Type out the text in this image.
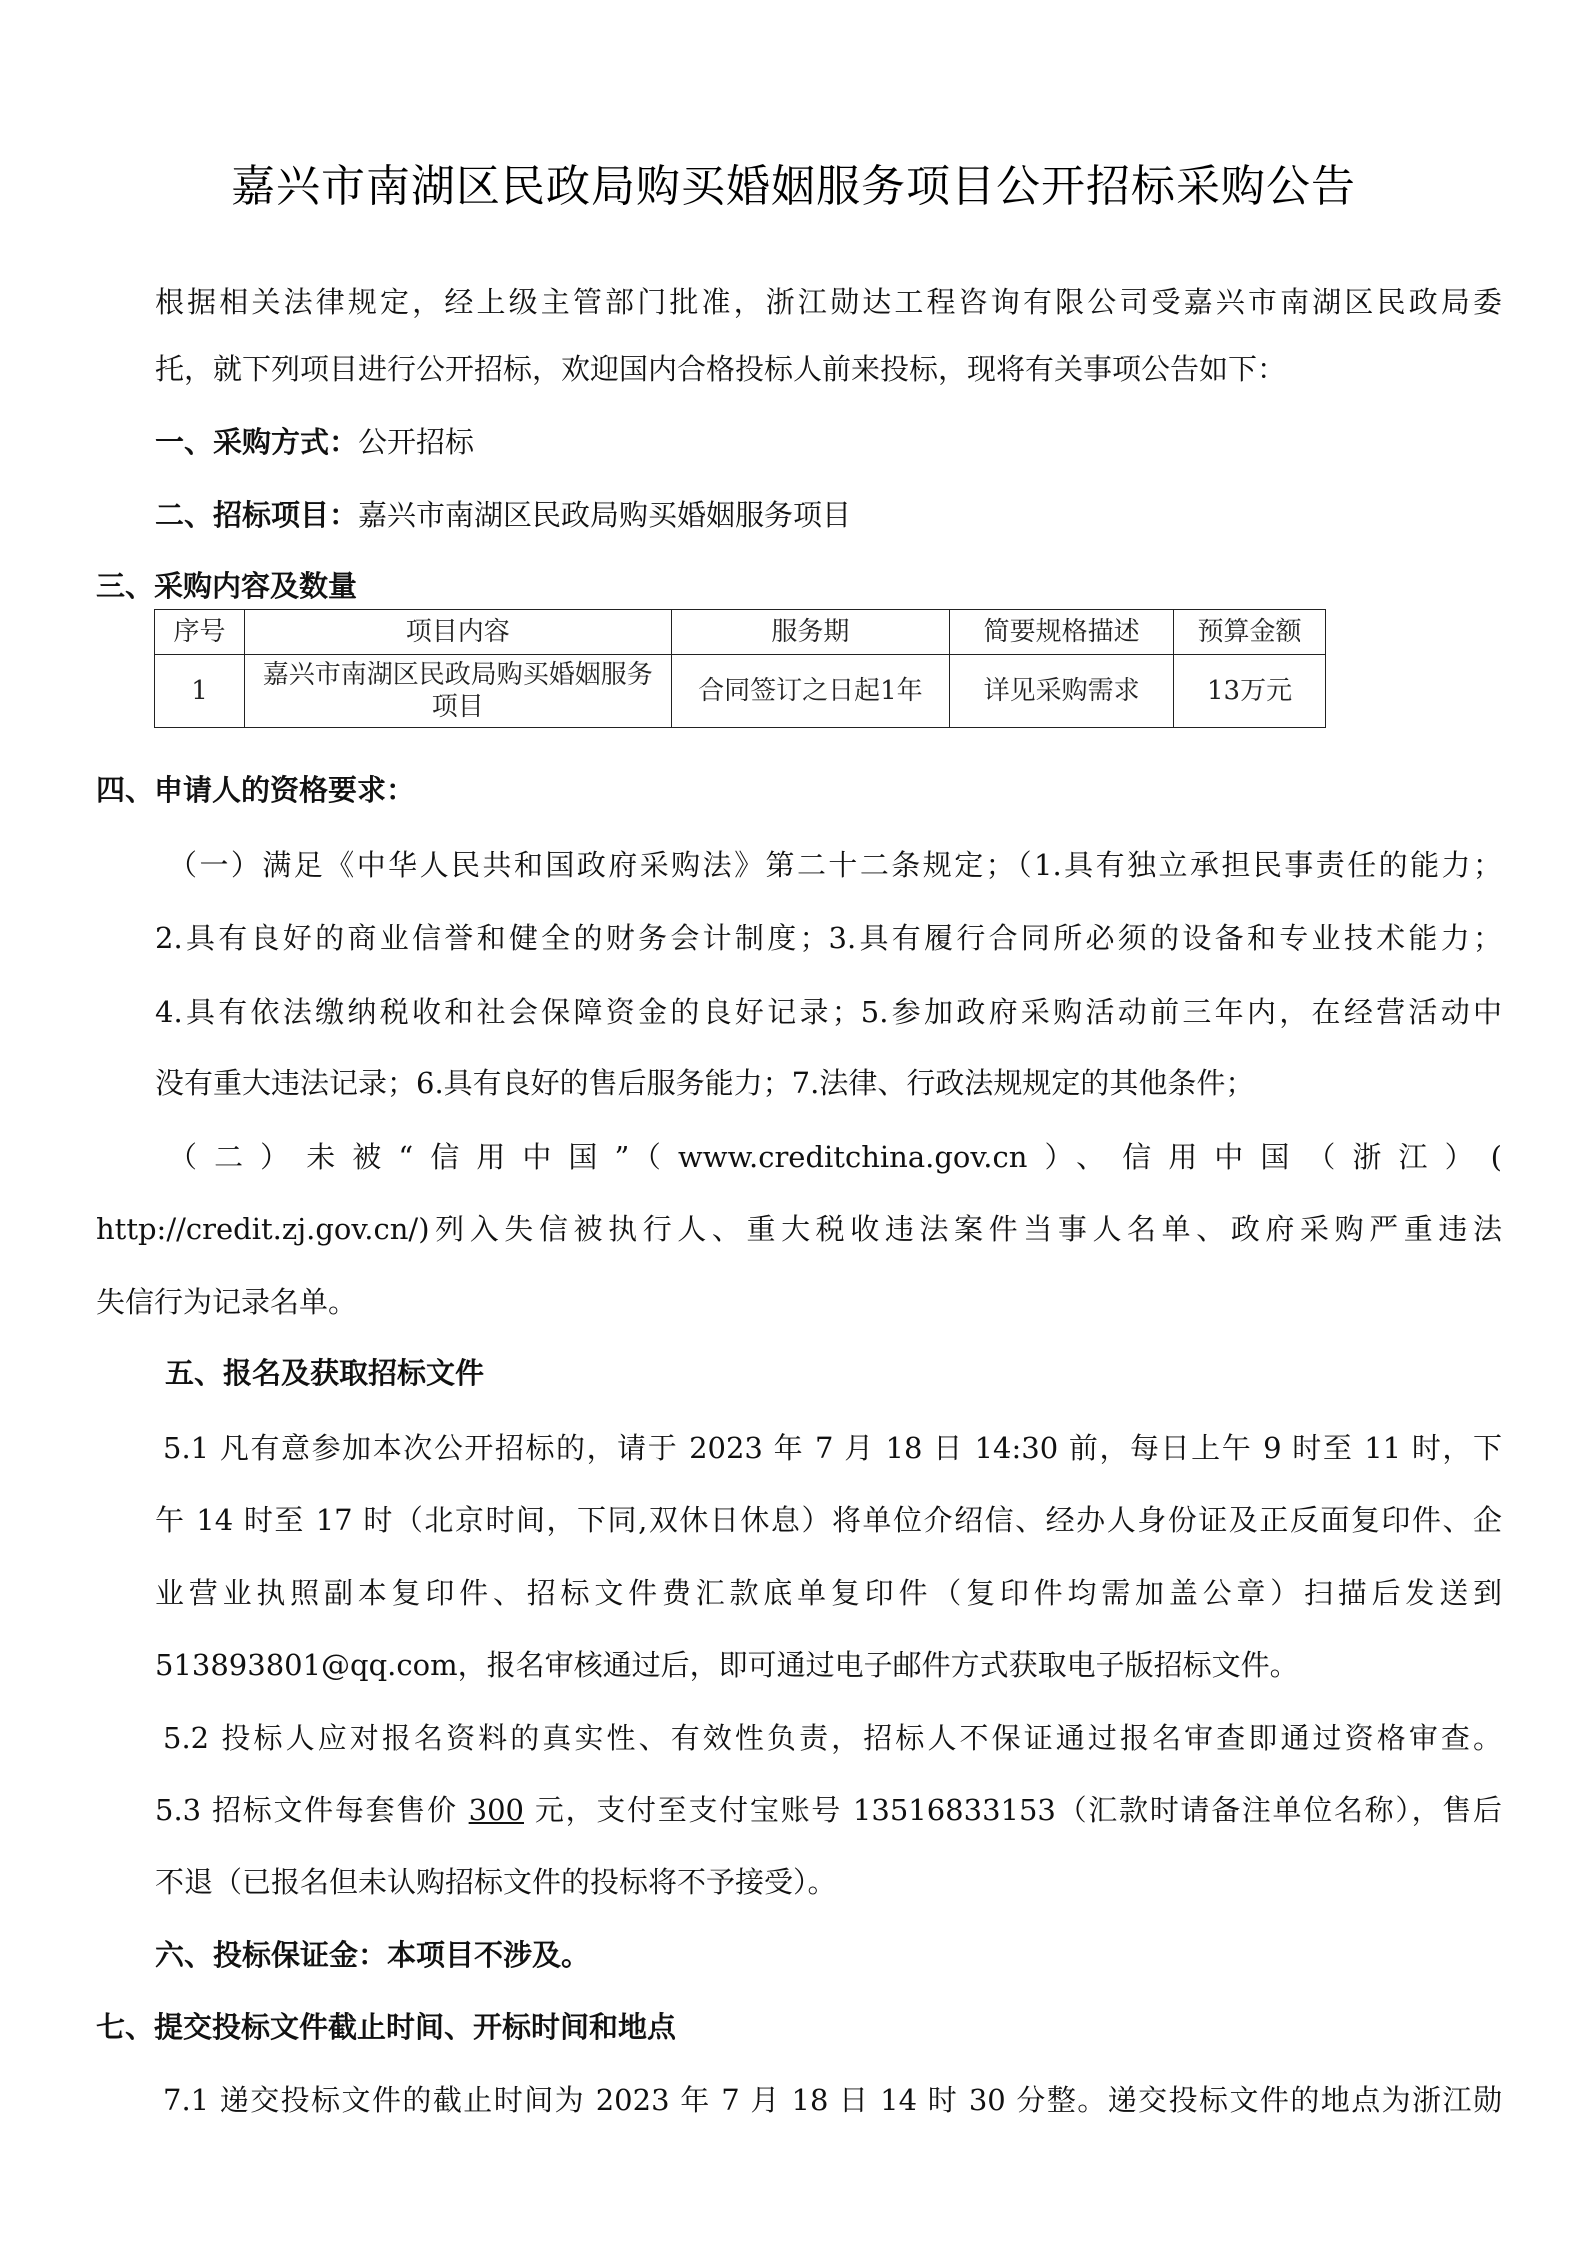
嘉兴市南湖区民政局购买婚姻服务项目公开招标采购公告
根据相关法律规定，经上级主管部门批准，浙江勋达工程咨询有限公司受嘉兴市南湖区民政局委
托，就下列项目进行公开招标，欢迎国内合格投标人前来投标，现将有关事项公告如下：
一、采购方式：公开招标
二、招标项目：嘉兴市南湖区民政局购买婚姻服务项目
三、采购内容及数量
序号	项目内容	服务期	简要规格描述	预算金额
1	嘉兴市南湖区民政局购买婚姻服务项目	合同签订之日起1年	详见采购需求	13万元
四、申请人的资格要求：
（一）满足《中华人民共和国政府采购法》第二十二条规定；（1.具有独立承担民事责任的能力；
2.具有良好的商业信誉和健全的财务会计制度；3.具有履行合同所必须的设备和专业技术能力；
4.具有依法缴纳税收和社会保障资金的良好记录；5.参加政府采购活动前三年内，在经营活动中
没有重大违法记录；6.具有良好的售后服务能力；7.法律、行政法规规定的其他条件；
（二）未被“信用中国”（www.creditchina.gov.cn）、信用中国（浙江）(
http://credit.zj.gov.cn/)列入失信被执行人、重大税收违法案件当事人名单、政府采购严重违法
失信行为记录名单。
五、报名及获取招标文件
5.1 凡有意参加本次公开招标的，请于 2023 年 7 月 18 日 14:30 前，每日上午 9 时至 11 时，下
午 14 时至 17 时（北京时间，下同,双休日休息）将单位介绍信、经办人身份证及正反面复印件、企
业营业执照副本复印件、招标文件费汇款底单复印件（复印件均需加盖公章）扫描后发送到
513893801@qq.com，报名审核通过后，即可通过电子邮件方式获取电子版招标文件。
5.2 投标人应对报名资料的真实性、有效性负责，招标人不保证通过报名审查即通过资格审查。
5.3 招标文件每套售价 300 元，支付至支付宝账号 13516833153（汇款时请备注单位名称），售后
不退（已报名但未认购招标文件的投标将不予接受）。
六、投标保证金：本项目不涉及。
七、提交投标文件截止时间、开标时间和地点
7.1 递交投标文件的截止时间为 2023 年 7 月 18 日 14 时 30 分整。递交投标文件的地点为浙江勋
